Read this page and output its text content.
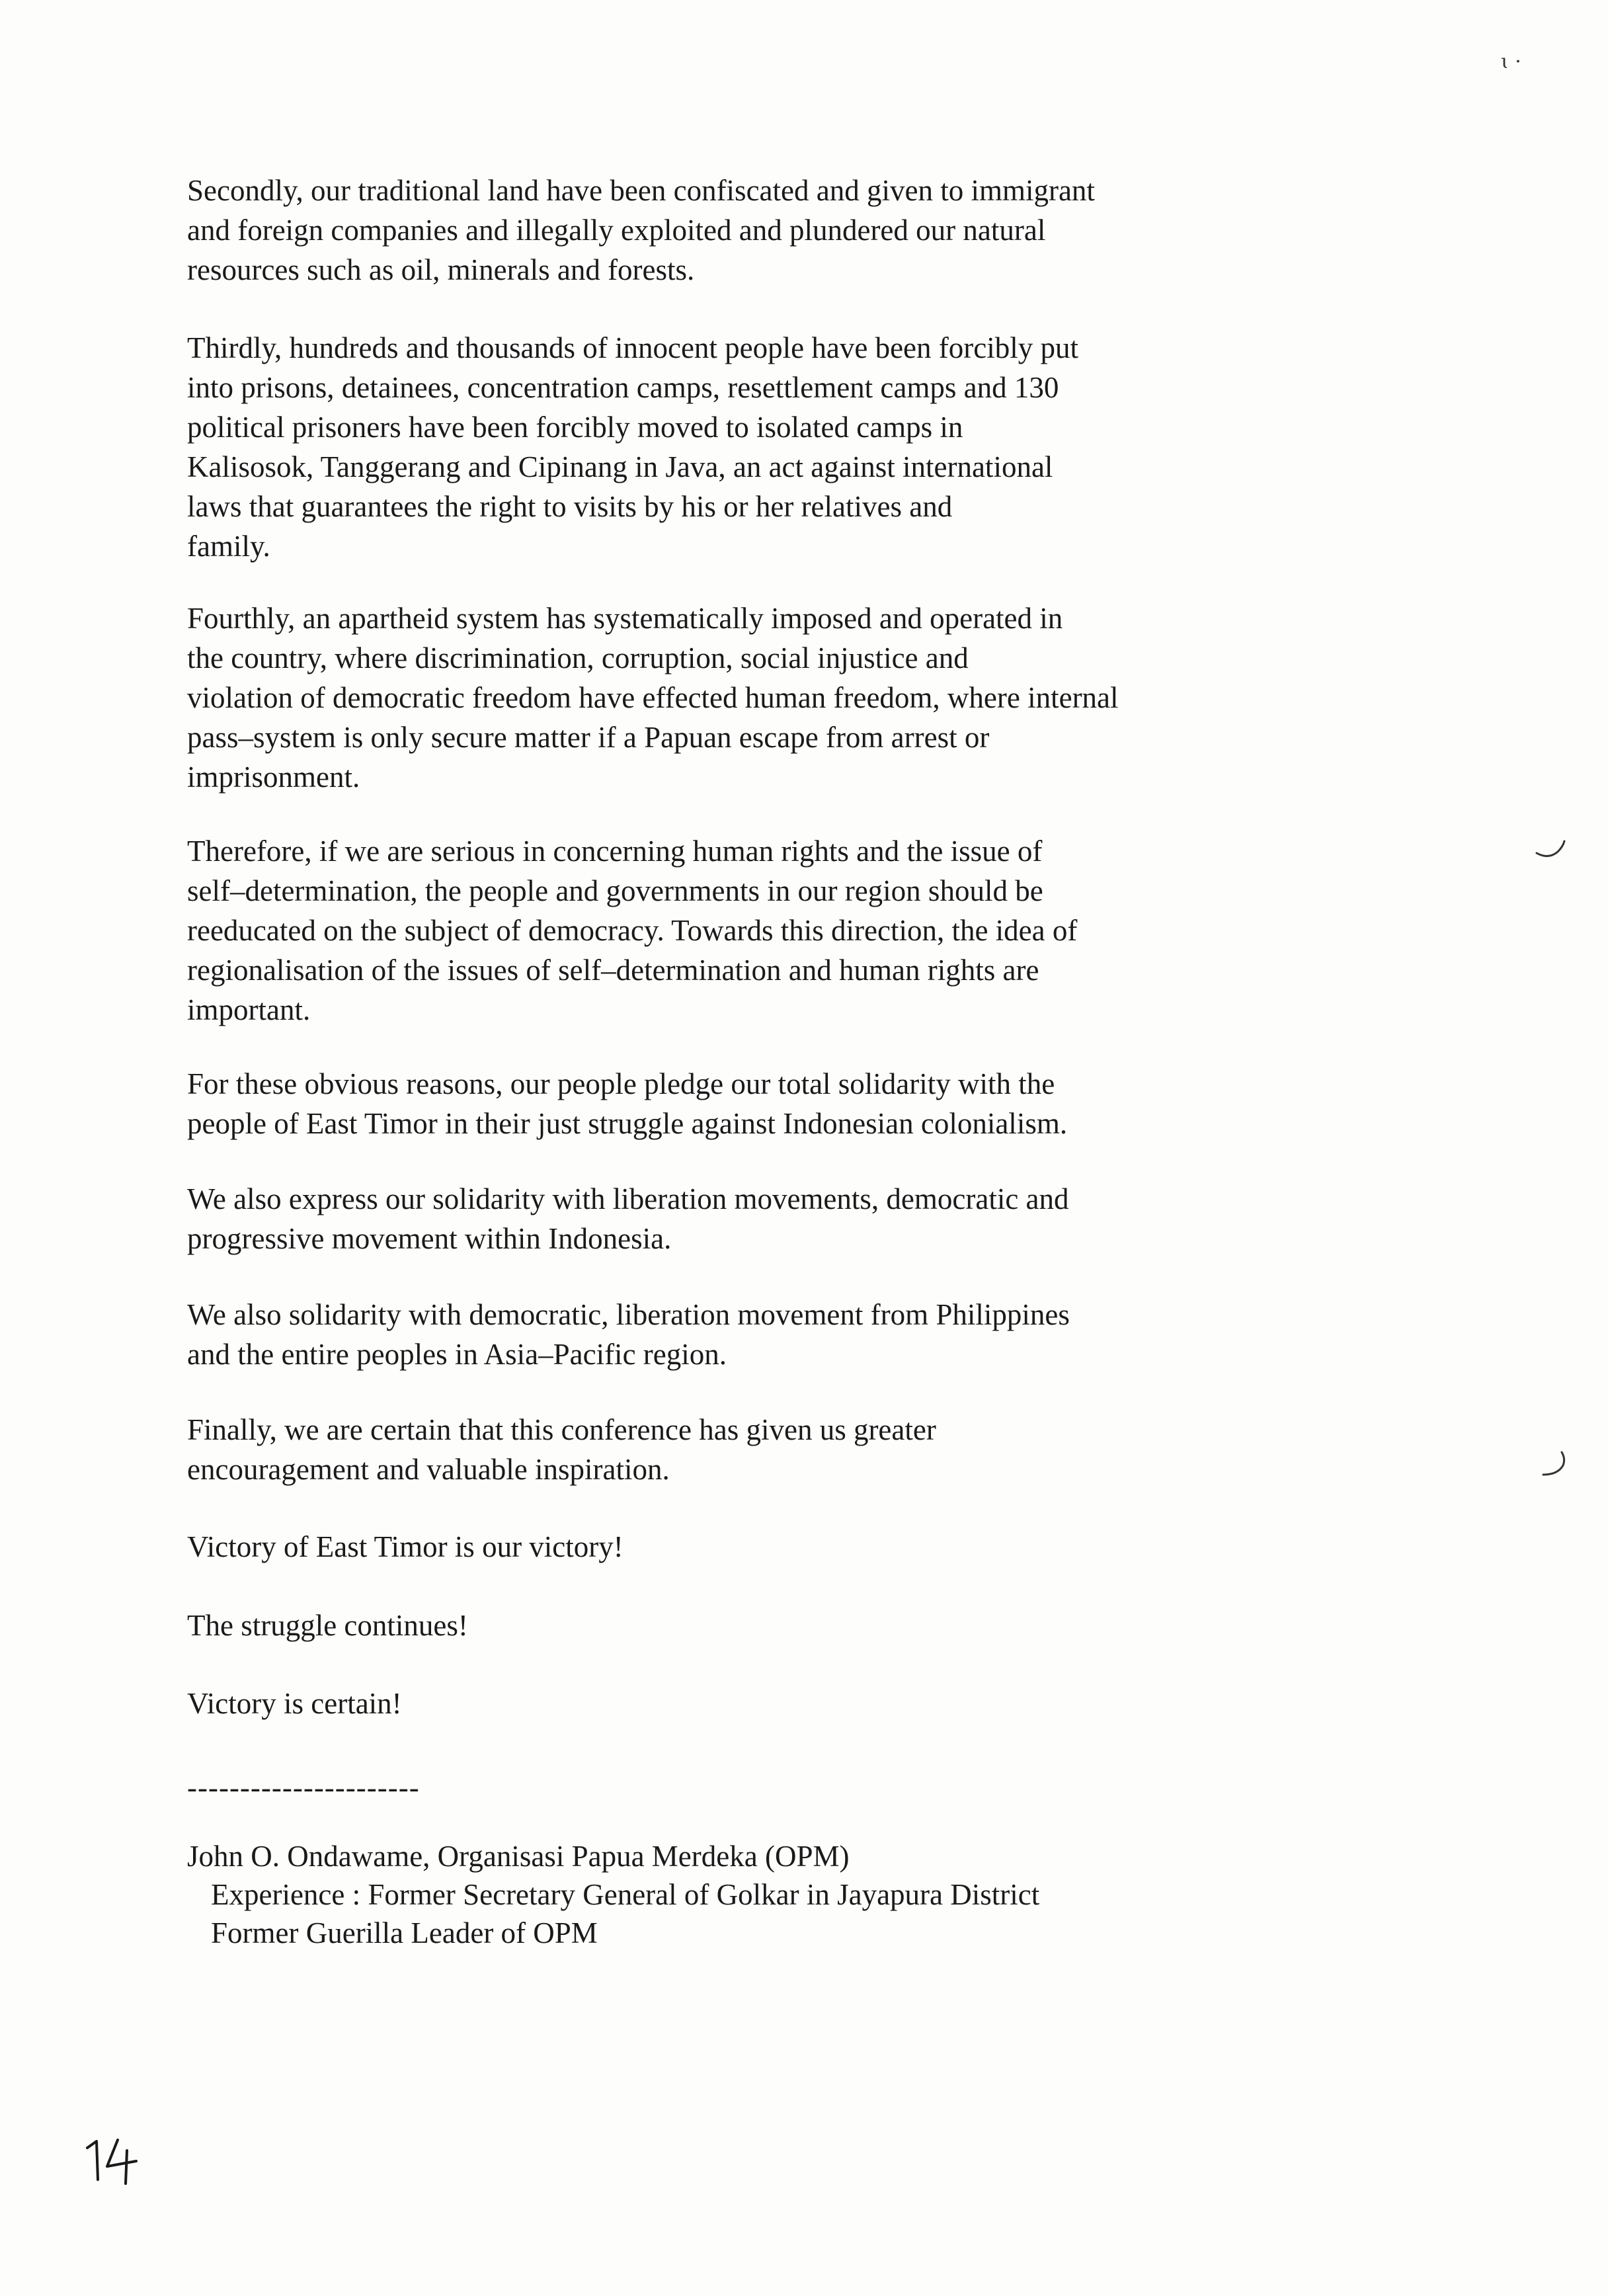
ɩ ·
Secondly, our traditional land have been confiscated and given to immigrant
and foreign companies and illegally exploited and plundered our natural
resources such as oil, minerals and forests.
Thirdly, hundreds and thousands of innocent people have been forcibly put
into prisons, detainees, concentration camps, resettlement camps and 130
political prisoners have been forcibly moved to isolated camps in
Kalisosok, Tanggerang and Cipinang in Java, an act against international
laws that guarantees the right to visits by his or her relatives and
family.
Fourthly, an apartheid system has systematically imposed and operated in
the country, where discrimination, corruption, social injustice and
violation of democratic freedom have effected human freedom, where internal
pass–system is only secure matter if a Papuan escape from arrest or
imprisonment.
Therefore, if we are serious in concerning human rights and the issue of
self–determination, the people and governments in our region should be
reeducated on the subject of democracy. Towards this direction, the idea of
regionalisation of the issues of self–determination and human rights are
important.
For these obvious reasons, our people pledge our total solidarity with the
people of East Timor in their just struggle against Indonesian colonialism.
We also express our solidarity with liberation movements, democratic and
progressive movement within Indonesia.
We also solidarity with democratic, liberation movement from Philippines
and the entire peoples in Asia–Pacific region.
Finally, we are certain that this conference has given us greater
encouragement and valuable inspiration.
Victory of East Timor is our victory!
The struggle continues!
Victory is certain!
----------------------
John O. Ondawame, Organisasi Papua Merdeka (OPM)
Experience : Former Secretary General of Golkar in Jayapura District
Former Guerilla Leader of OPM
